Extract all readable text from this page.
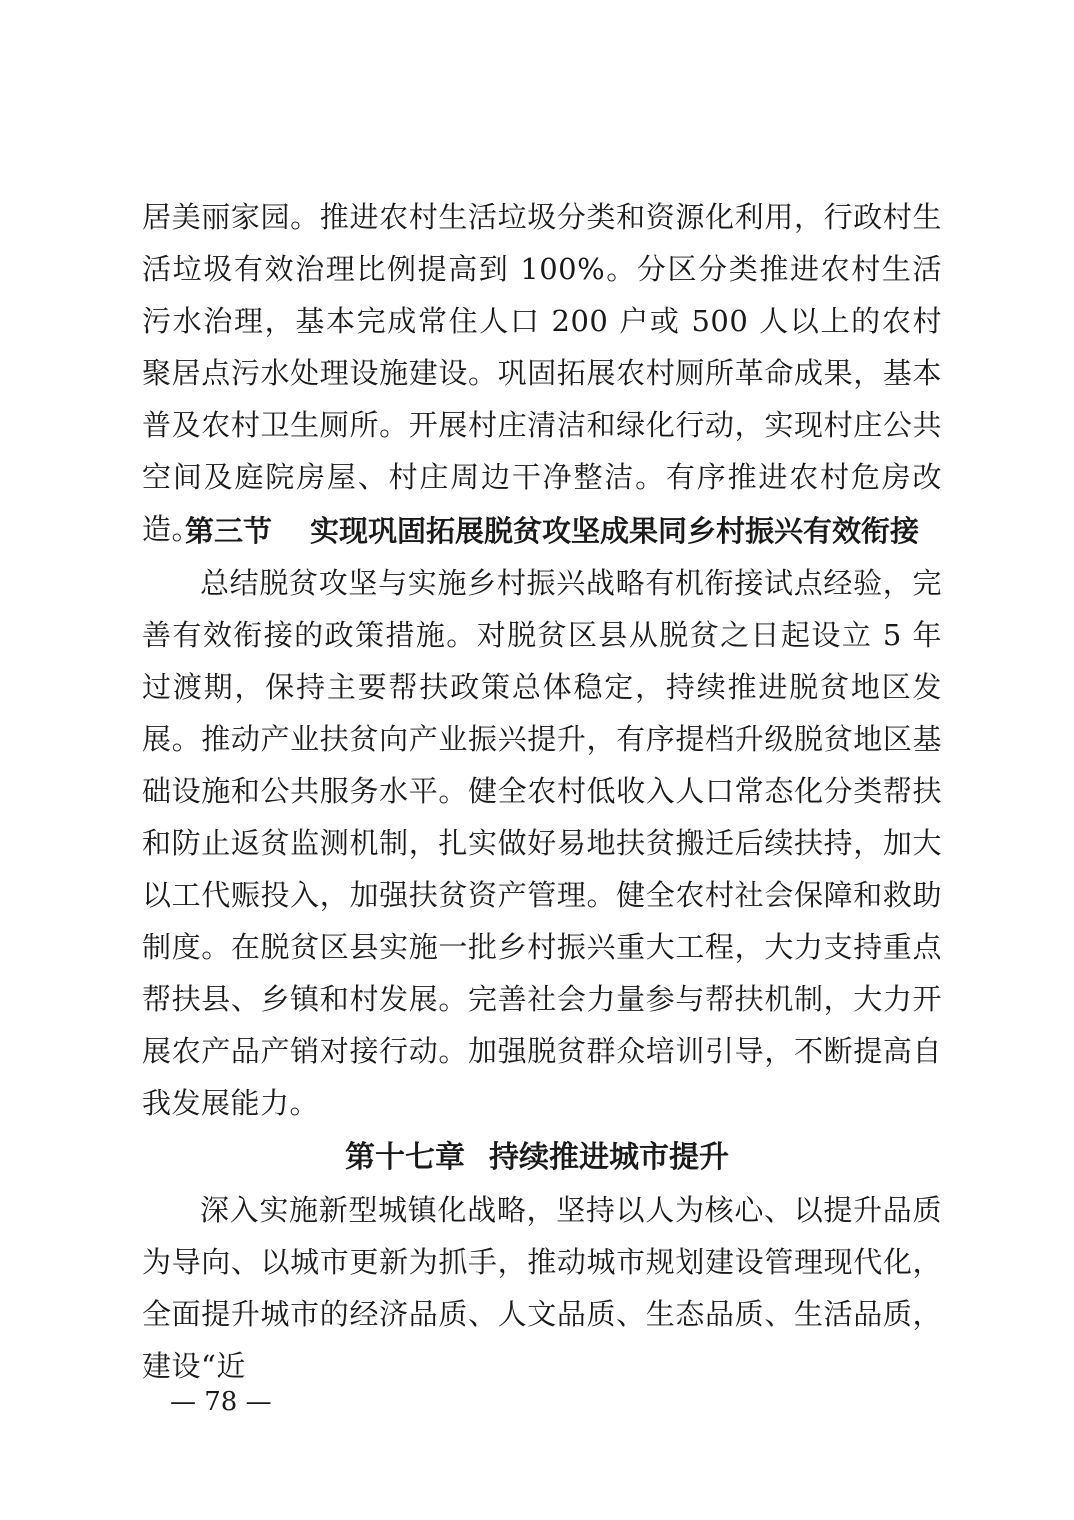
居美丽家园。推进农村生活垃圾分类和资源化利用，行政村生活垃圾有效治理比例提高到 100%。分区分类推进农村生活污水治理，基本完成常住人口 200 户或 500 人以上的农村聚居点污水处理设施建设。巩固拓展农村厕所革命成果，基本普及农村卫生厕所。开展村庄清洁和绿化行动，实现村庄公共空间及庭院房屋、村庄周边干净整洁。有序推进农村危房改造。

第三节 实现巩固拓展脱贫攻坚成果同乡村振兴有效衔接

总结脱贫攻坚与实施乡村振兴战略有机衔接试点经验，完善有效衔接的政策措施。对脱贫区县从脱贫之日起设立 5 年过渡期，保持主要帮扶政策总体稳定，持续推进脱贫地区发展。推动产业扶贫向产业振兴提升，有序提档升级脱贫地区基础设施和公共服务水平。健全农村低收入人口常态化分类帮扶和防止返贫监测机制，扎实做好易地扶贫搬迁后续扶持，加大以工代赈投入，加强扶贫资产管理。健全农村社会保障和救助制度。在脱贫区县实施一批乡村振兴重大工程，大力支持重点帮扶县、乡镇和村发展。完善社会力量参与帮扶机制，大力开展农产品产销对接行动。加强脱贫群众培训引导，不断提高自我发展能力。

第十七章 持续推进城市提升

深入实施新型城镇化战略，坚持以人为核心、以提升品质为导向、以城市更新为抓手，推动城市规划建设管理现代化，全面提升城市的经济品质、人文品质、生态品质、生活品质，建设“近

— 78 —
